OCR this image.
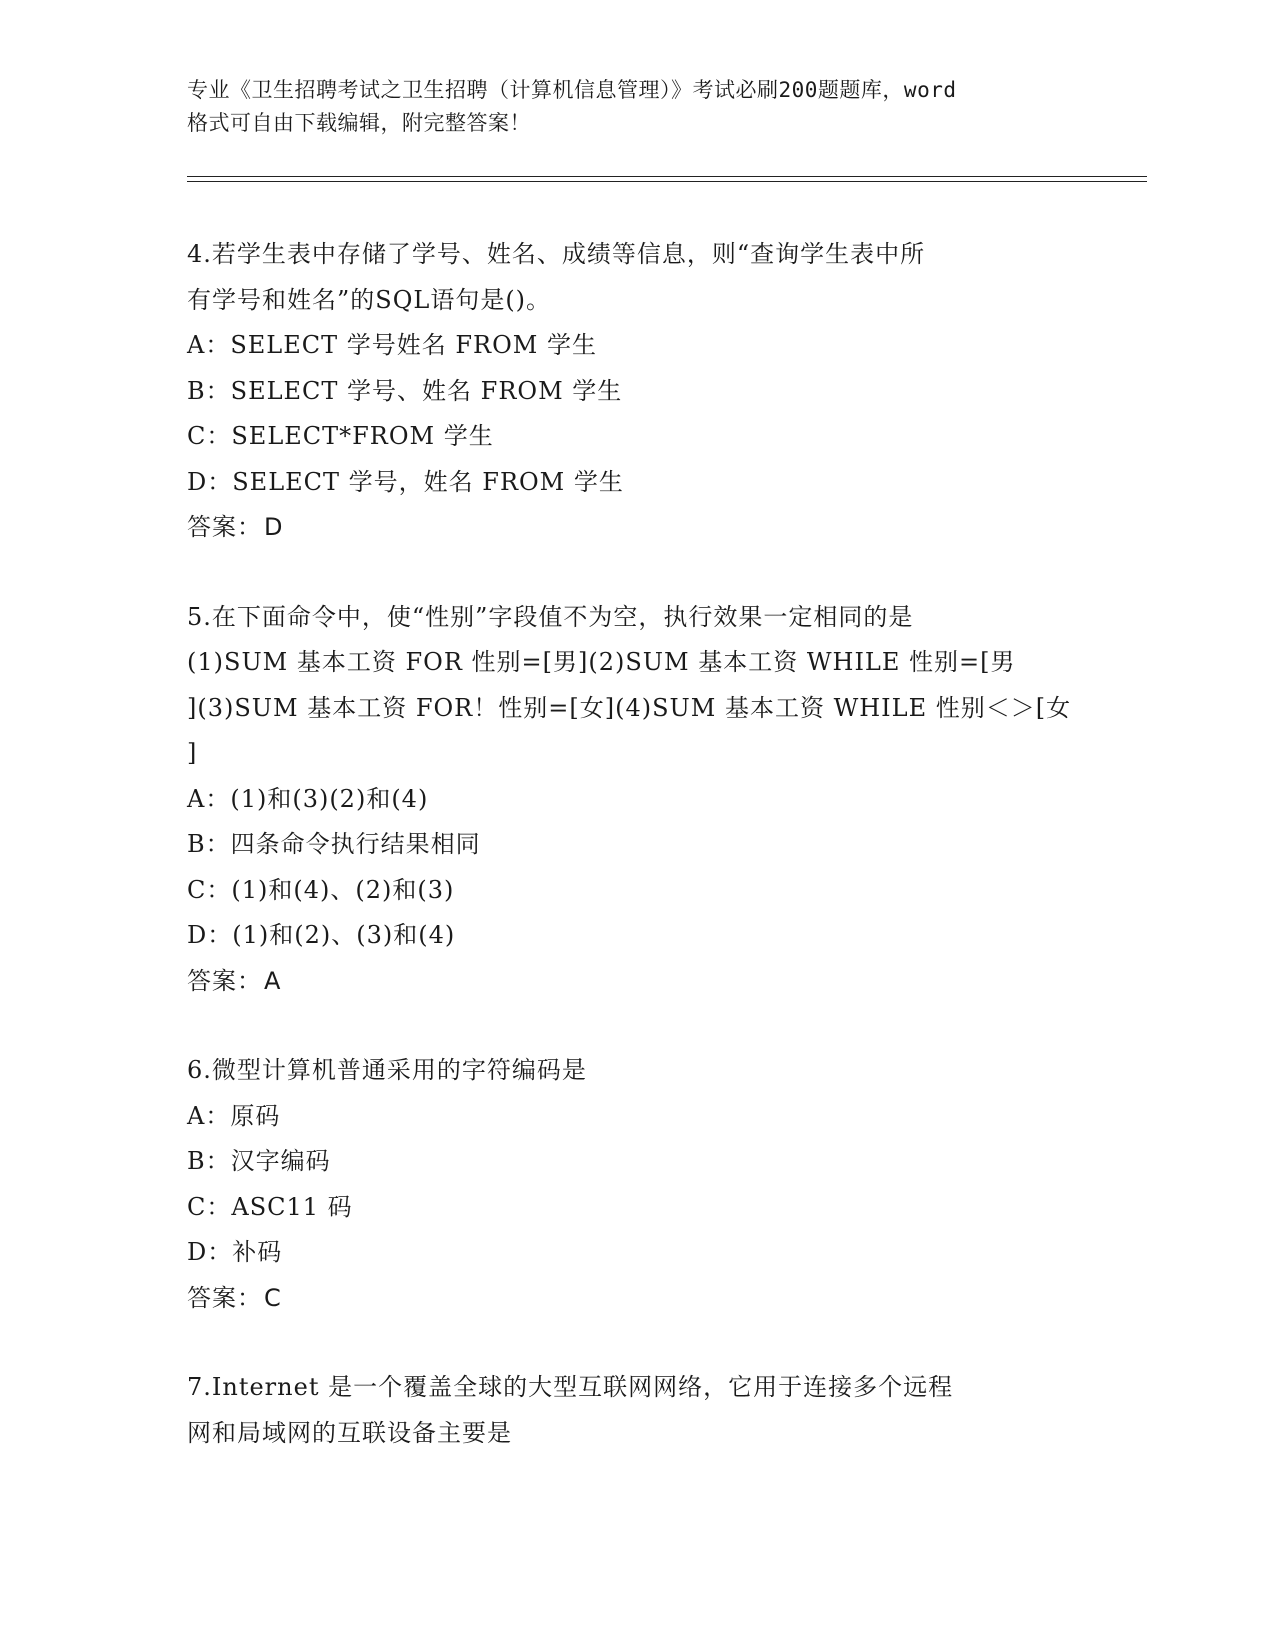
专业《卫生招聘考试之卫生招聘（计算机信息管理）》考试必刷200题题库，word
格式可自由下载编辑，附完整答案！
4.若学生表中存储了学号、姓名、成绩等信息，则“查询学生表中所
有学号和姓名”的SQL语句是()。
A：SELECT 学号姓名 FROM 学生
B：SELECT 学号、姓名 FROM 学生
C：SELECT*FROM 学生
D：SELECT 学号，姓名 FROM 学生
答案：D
5.在下面命令中，使“性别”字段值不为空，执行效果一定相同的是
(1)SUM 基本工资 FOR 性别=[男](2)SUM 基本工资 WHILE 性别=[男
](3)SUM 基本工资 FOR！性别=[女](4)SUM 基本工资 WHILE 性别＜＞[女
]
A：(1)和(3)(2)和(4)
B：四条命令执行结果相同
C：(1)和(4)、(2)和(3)
D：(1)和(2)、(3)和(4)
答案：A
6.微型计算机普通采用的字符编码是
A：原码
B：汉字编码
C：ASC11 码
D：补码
答案：C
7.Internet 是一个覆盖全球的大型互联网网络，它用于连接多个远程
网和局域网的互联设备主要是
